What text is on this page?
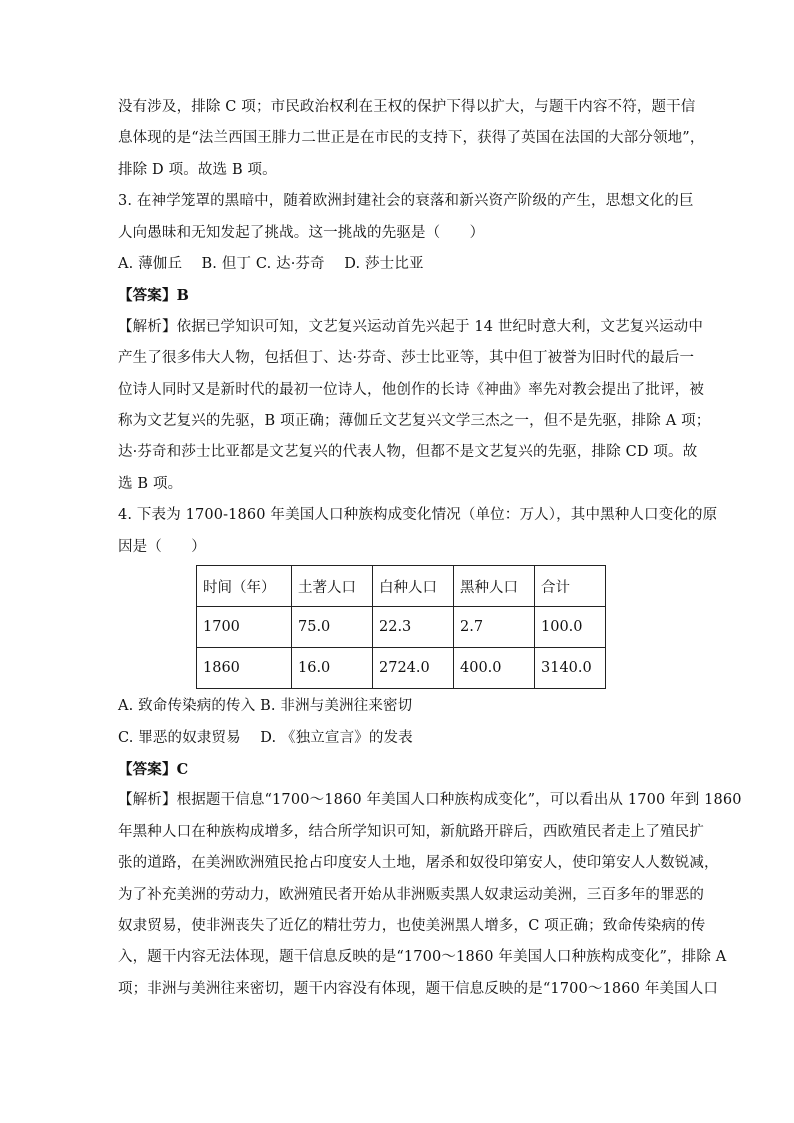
没有涉及，排除 C 项；市民政治权利在王权的保护下得以扩大，与题干内容不符，题干信
息体现的是“法兰西国王腓力二世正是在市民的支持下，获得了英国在法国的大部分领地”，
排除 D 项。故选 B 项。
3. 在神学笼罩的黑暗中，随着欧洲封建社会的衰落和新兴资产阶级的产生，思想文化的巨
人向愚昧和无知发起了挑战。这一挑战的先驱是（　　）
A. 薄伽丘　 B. 但丁 C. 达·芬奇　 D. 莎士比亚
【答案】B
【解析】依据已学知识可知，文艺复兴运动首先兴起于 14 世纪时意大利，文艺复兴运动中
产生了很多伟大人物，包括但丁、达·芬奇、莎士比亚等，其中但丁被誉为旧时代的最后一
位诗人同时又是新时代的最初一位诗人，他创作的长诗《神曲》率先对教会提出了批评，被
称为文艺复兴的先驱，B 项正确；薄伽丘文艺复兴文学三杰之一，但不是先驱，排除 A 项；
达·芬奇和莎士比亚都是文艺复兴的代表人物，但都不是文艺复兴的先驱，排除 CD 项。故
选 B 项。
4. 下表为 1700-1860 年美国人口种族构成变化情况（单位：万人），其中黑种人口变化的原
因是（　　）
时间（年）	土著人口	白种人口	黑种人口	合计
1700	75.0	22.3	2.7	100.0
1860	16.0	2724.0	400.0	3140.0
A. 致命传染病的传入 B. 非洲与美洲往来密切
C. 罪恶的奴隶贸易　 D. 《独立宣言》的发表
【答案】C
【解析】根据题干信息“1700～1860 年美国人口种族构成变化”，可以看出从 1700 年到 1860
年黑种人口在种族构成增多，结合所学知识可知，新航路开辟后，西欧殖民者走上了殖民扩
张的道路，在美洲欧洲殖民抢占印度安人土地，屠杀和奴役印第安人，使印第安人人数锐减，
为了补充美洲的劳动力，欧洲殖民者开始从非洲贩卖黑人奴隶运动美洲，三百多年的罪恶的
奴隶贸易，使非洲丧失了近亿的精壮劳力，也使美洲黑人增多，C 项正确；致命传染病的传
入，题干内容无法体现，题干信息反映的是“1700～1860 年美国人口种族构成变化”，排除 A
项；非洲与美洲往来密切，题干内容没有体现，题干信息反映的是“1700～1860 年美国人口
